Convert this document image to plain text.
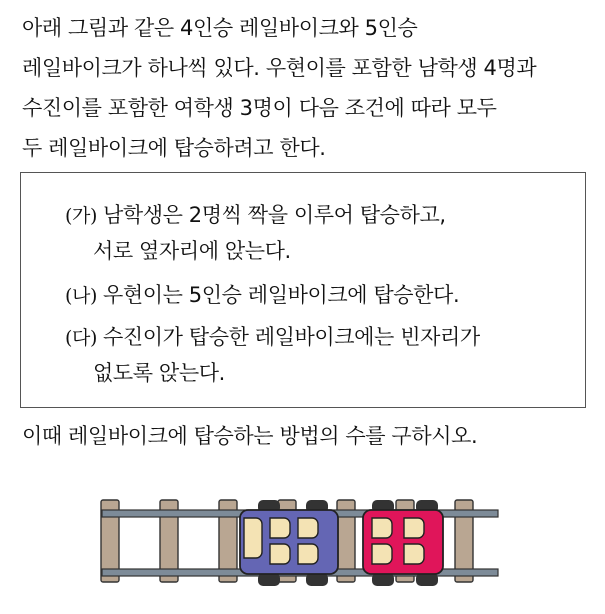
아래 그림과 같은 4인승 레일바이크와 5인승
레일바이크가 하나씩 있다. 우현이를 포함한 남학생 4명과
수진이를 포함한 여학생 3명이 다음 조건에 따라 모두
두 레일바이크에 탑승하려고 한다.
(가) 남학생은 2명씩 짝을 이루어 탑승하고,
서로 옆자리에 앉는다.
(나) 우현이는 5인승 레일바이크에 탑승한다.
(다) 수진이가 탑승한 레일바이크에는 빈자리가
없도록 앉는다.
이때 레일바이크에 탑승하는 방법의 수를 구하시오.
